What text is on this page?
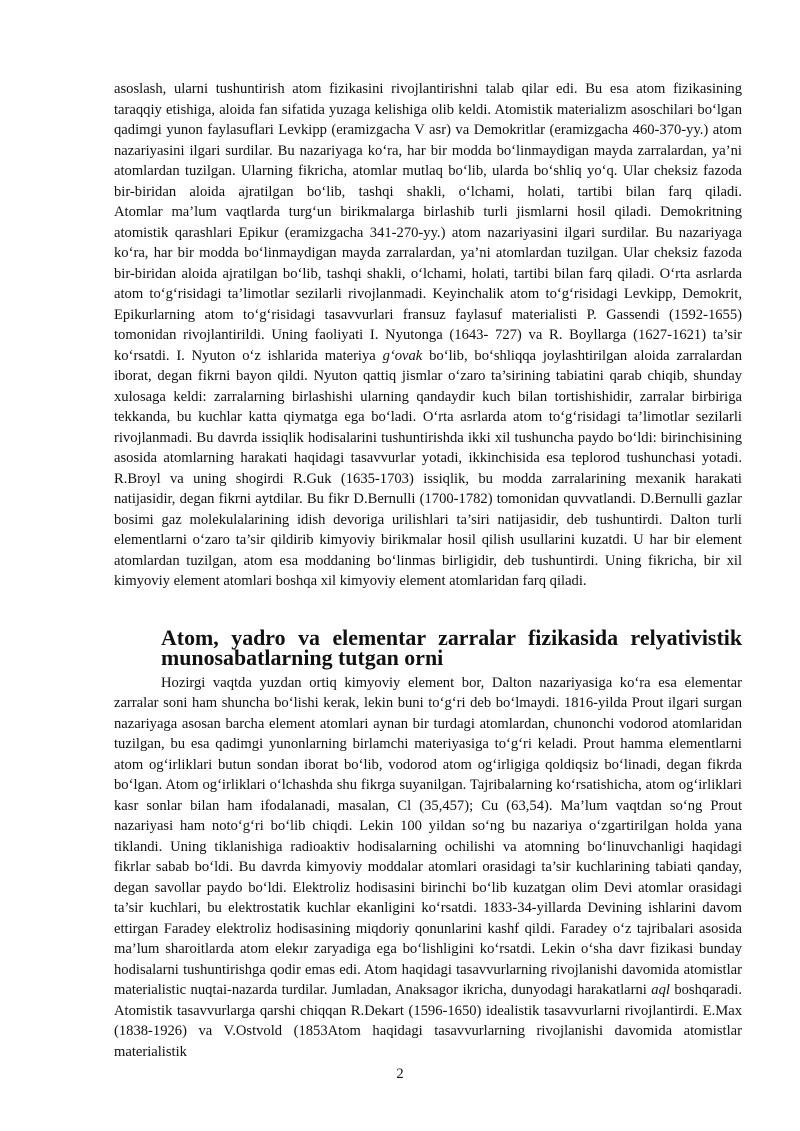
asoslash, ularni tushuntirish atom fizikasini rivojlantirishni talab qilar edi. Bu esa atom fizikasining taraqqiy etishiga, aloida fan sifatida yuzaga kelishiga olib keldi. Atomistik materializm asoschilari bo‘lgan qadimgi yunon faylasuflari Levkipp (eramizgacha V asr) va Demokritlar (eramizgacha 460-370-yy.) atom nazariyasini ilgari surdilar. Bu nazariyaga ko‘ra, har bir modda bo‘linmaydigan mayda zarralardan, ya’ni atomlardan tuzilgan. Ularning fikricha, atomlar mutlaq bo‘lib, ularda bo‘shliq yo‘q. Ular cheksiz fazoda bir-biridan aloida ajratilgan bo‘lib, tashqi shakli, o‘lchami, holati, tartibi bilan farq qiladi.

Atomlar ma’lum vaqtlarda turg‘un birikmalarga birlashib turli jismlarni hosil qiladi. Demokritning atomistik qarashlari Epikur (eramizgacha 341-270-yy.) atom nazariyasini ilgari surdilar. Bu nazariyaga ko‘ra, har bir modda bo‘linmaydigan mayda zarralardan, ya’ni atomlardan tuzilgan. Ular cheksiz fazoda bir-biridan aloida ajratilgan bo‘lib, tashqi shakli, o‘lchami, holati, tartibi bilan farq qiladi. O‘rta asrlarda atom to‘g‘risidagi ta’limotlar sezilarli rivojlanmadi. Keyinchalik atom to‘g‘risidagi Levkipp, Demokrit, Epikurlarning atom to‘g‘risidagi tasavvurlari fransuz faylasuf materialisti P. Gassendi (1592-1655) tomonidan rivojlantirildi. Uning faoliyati I. Nyutonga (1643- 727) va R. Boyllarga (1627-1621) ta’sir ko‘rsatdi. I. Nyuton o‘z ishlarida materiya g‘ovak bo‘lib, bo‘shliqqa joylashtirilgan aloida zarralardan iborat, degan fikrni bayon qildi. Nyuton qattiq jismlar o‘zaro ta’sirining tabiatini qarab chiqib, shunday xulosaga keldi: zarralarning birlashishi ularning qandaydir kuch bilan tortishishidir, zarralar birbiriga tekkanda, bu kuchlar katta qiymatga ega bo‘ladi. O‘rta asrlarda atom to‘g‘risidagi ta’limotlar sezilarli rivojlanmadi. Bu davrda issiqlik hodisalarini tushuntirishda ikki xil tushuncha paydo bo‘ldi: birinchisining asosida atomlarning harakati haqidagi tasavvurlar yotadi, ikkinchisida esa teplorod tushunchasi yotadi. R.Broyl va uning shogirdi R.Guk (1635-1703) issiqlik, bu modda zarralarining mexanik harakati natijasidir, degan fikrni aytdilar. Bu fikr D.Bernulli (1700-1782) tomonidan quvvatlandi. D.Bernulli gazlar bosimi gaz molekulalarining idish devoriga urilishlari ta’siri natijasidir, deb tushuntirdi. Dalton turli elementlarni o‘zaro ta’sir qildirib kimyoviy birikmalar hosil qilish usullarini kuzatdi. U har bir element atomlardan tuzilgan, atom esa moddaning bo‘linmas birligidir, deb tushuntirdi. Uning fikricha, bir xil kimyoviy element atomlari boshqa xil kimyoviy element atomlaridan farq qiladi.

Atom, yadro va elementar zarralar fizikasida relyativistik munosabatlarning tutgan orni

Hozirgi vaqtda yuzdan ortiq kimyoviy element bor, Dalton nazariyasiga ko‘ra esa elementar zarralar soni ham shuncha bo‘lishi kerak, lekin buni to‘g‘ri deb bo‘lmaydi. 1816-yilda Prout ilgari surgan nazariyaga asosan barcha element atomlari aynan bir turdagi atomlardan, chunonchi vodorod atomlaridan tuzilgan, bu esa qadimgi yunonlarning birlamchi materiyasiga to‘g‘ri keladi. Prout hamma elementlarni atom og‘irliklari butun sondan iborat bo‘lib, vodorod atom og‘irligiga qoldiqsiz bo‘linadi, degan fikrda bo‘lgan. Atom og‘irliklari o‘lchashda shu fikrga suyanilgan. Tajribalarning ko‘rsatishicha, atom og‘irliklari kasr sonlar bilan ham ifodalanadi, masalan, Cl (35,457); Cu (63,54). Ma’lum vaqtdan so‘ng Prout nazariyasi ham noto‘g‘ri bo‘lib chiqdi. Lekin 100 yildan so‘ng bu nazariya o‘zgartirilgan holda yana tiklandi. Uning tiklanishiga radioaktiv hodisalarning ochilishi va atomning bo‘linuvchanligi haqidagi fikrlar sabab bo‘ldi. Bu davrda kimyoviy moddalar atomlari orasidagi ta’sir kuchlarining tabiati qanday, degan savollar paydo bo‘ldi. Elektroliz hodisasini birinchi bo‘lib kuzatgan olim Devi atomlar orasidagi ta’sir kuchlari, bu elektrostatik kuchlar ekanligini ko‘rsatdi. 1833-34-yillarda Devining ishlarini davom ettirgan Faradey elektroliz hodisasining miqdoriy qonunlarini kashf qildi. Faradey o‘z tajribalari asosida ma’lum sharoitlarda atom elekır zaryadiga ega bo‘lishligini ko‘rsatdi. Lekin o‘sha davr fizikasi bunday hodisalarni tushuntirishga qodir emas edi. Atom haqidagi tasavvurlarning rivojlanishi davomida atomistlar materialistic nuqtai-nazarda turdilar. Jumladan, Anaksagor ikricha, dunyodagi harakatlarni aql boshqaradi. Atomistik tasavvurlarga qarshi chiqqan R.Dekart (1596-1650) idealistik tasavvurlarni rivojlantirdi. E.Max (1838-1926) va V.Ostvold (1853Atom haqidagi tasavvurlarning rivojlanishi davomida atomistlar materialistik

2
